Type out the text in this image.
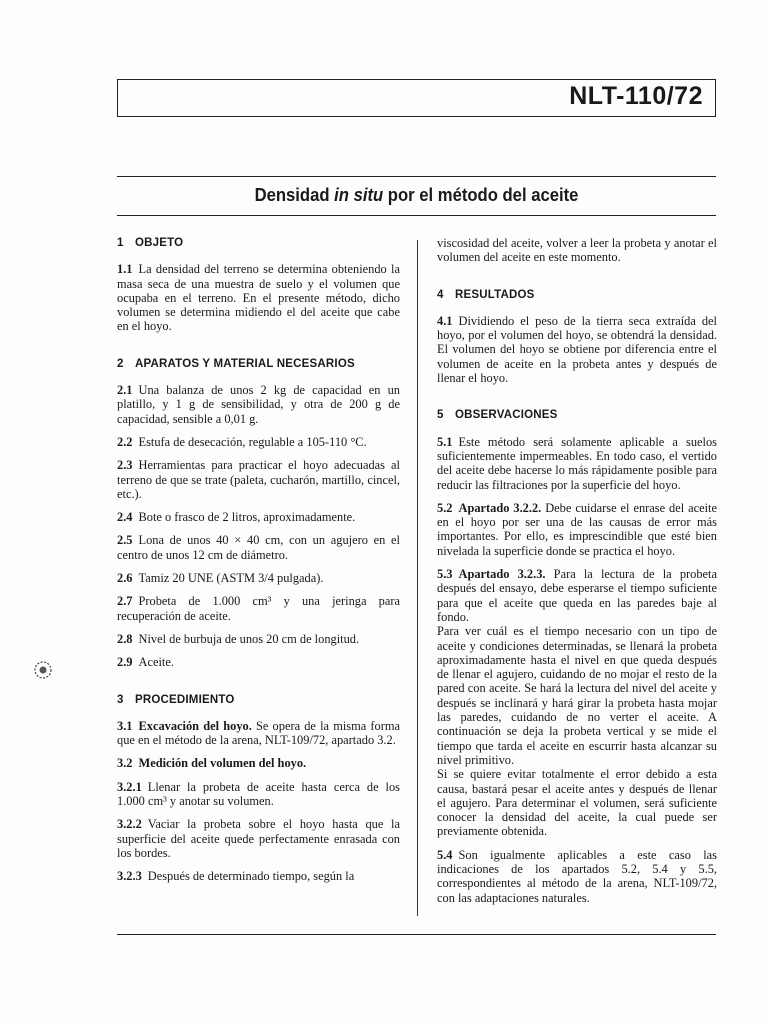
NLT-110/72
Densidad in situ por el método del aceite
1 OBJETO

1.1 La densidad del terreno se determina obteniendo la masa seca de una muestra de suelo y el volumen que ocupaba en el terreno. En el presente método, dicho volumen se determina midiendo el del aceite que cabe en el hoyo.

2 APARATOS Y MATERIAL NECESARIOS

2.1 Una balanza de unos 2 kg de capacidad en un platillo, y 1 g de sensibilidad, y otra de 200 g de capacidad, sensible a 0,01 g.

2.2 Estufa de desecación, regulable a 105-110 °C.

2.3 Herramientas para practicar el hoyo adecuadas al terreno de que se trate (paleta, cucharón, martillo, cincel, etc.).

2.4 Bote o frasco de 2 litros, aproximadamente.

2.5 Lona de unos 40 × 40 cm, con un agujero en el centro de unos 12 cm de diámetro.

2.6 Tamiz 20 UNE (ASTM 3/4 pulgada).

2.7 Probeta de 1.000 cm³ y una jeringa para recuperación de aceite.

2.8 Nivel de burbuja de unos 20 cm de longitud.

2.9 Aceite.

3 PROCEDIMIENTO

3.1 Excavación del hoyo. Se opera de la misma forma que en el método de la arena, NLT-109/72, apartado 3.2.

3.2 Medición del volumen del hoyo.

3.2.1 Llenar la probeta de aceite hasta cerca de los 1.000 cm³ y anotar su volumen.

3.2.2 Vaciar la probeta sobre el hoyo hasta que la superficie del aceite quede perfectamente enrasada con los bordes.

3.2.3 Después de determinado tiempo, según la

viscosidad del aceite, volver a leer la probeta y anotar el volumen del aceite en este momento.

4 RESULTADOS

4.1 Dividiendo el peso de la tierra seca extraída del hoyo, por el volumen del hoyo, se obtendrá la densidad. El volumen del hoyo se obtiene por diferencia entre el volumen de aceite en la probeta antes y después de llenar el hoyo.

5 OBSERVACIONES

5.1 Este método será solamente aplicable a suelos suficientemente impermeables. En todo caso, el vertido del aceite debe hacerse lo más rápidamente posible para reducir las filtraciones por la superficie del hoyo.

5.2 Apartado 3.2.2. Debe cuidarse el enrase del aceite en el hoyo por ser una de las causas de error más importantes. Por ello, es imprescindible que esté bien nivelada la superficie donde se practica el hoyo.

5.3 Apartado 3.2.3. Para la lectura de la probeta después del ensayo, debe esperarse el tiempo suficiente para que el aceite que queda en las paredes baje al fondo.

Para ver cuál es el tiempo necesario con un tipo de aceite y condiciones determinadas, se llenará la probeta aproximadamente hasta el nivel en que queda después de llenar el agujero, cuidando de no mojar el resto de la pared con aceite. Se hará la lectura del nivel del aceite y después se inclinará y hará girar la probeta hasta mojar las paredes, cuidando de no verter el aceite. A continuación se deja la probeta vertical y se mide el tiempo que tarda el aceite en escurrir hasta alcanzar su nivel primitivo.

Si se quiere evitar totalmente el error debido a esta causa, bastará pesar el aceite antes y después de llenar el agujero. Para determinar el volumen, será suficiente conocer la densidad del aceite, la cual puede ser previamente obtenida.

5.4 Son igualmente aplicables a este caso las indicaciones de los apartados 5.2, 5.4 y 5.5, correspondientes al método de la arena, NLT-109/72, con las adaptaciones naturales.
